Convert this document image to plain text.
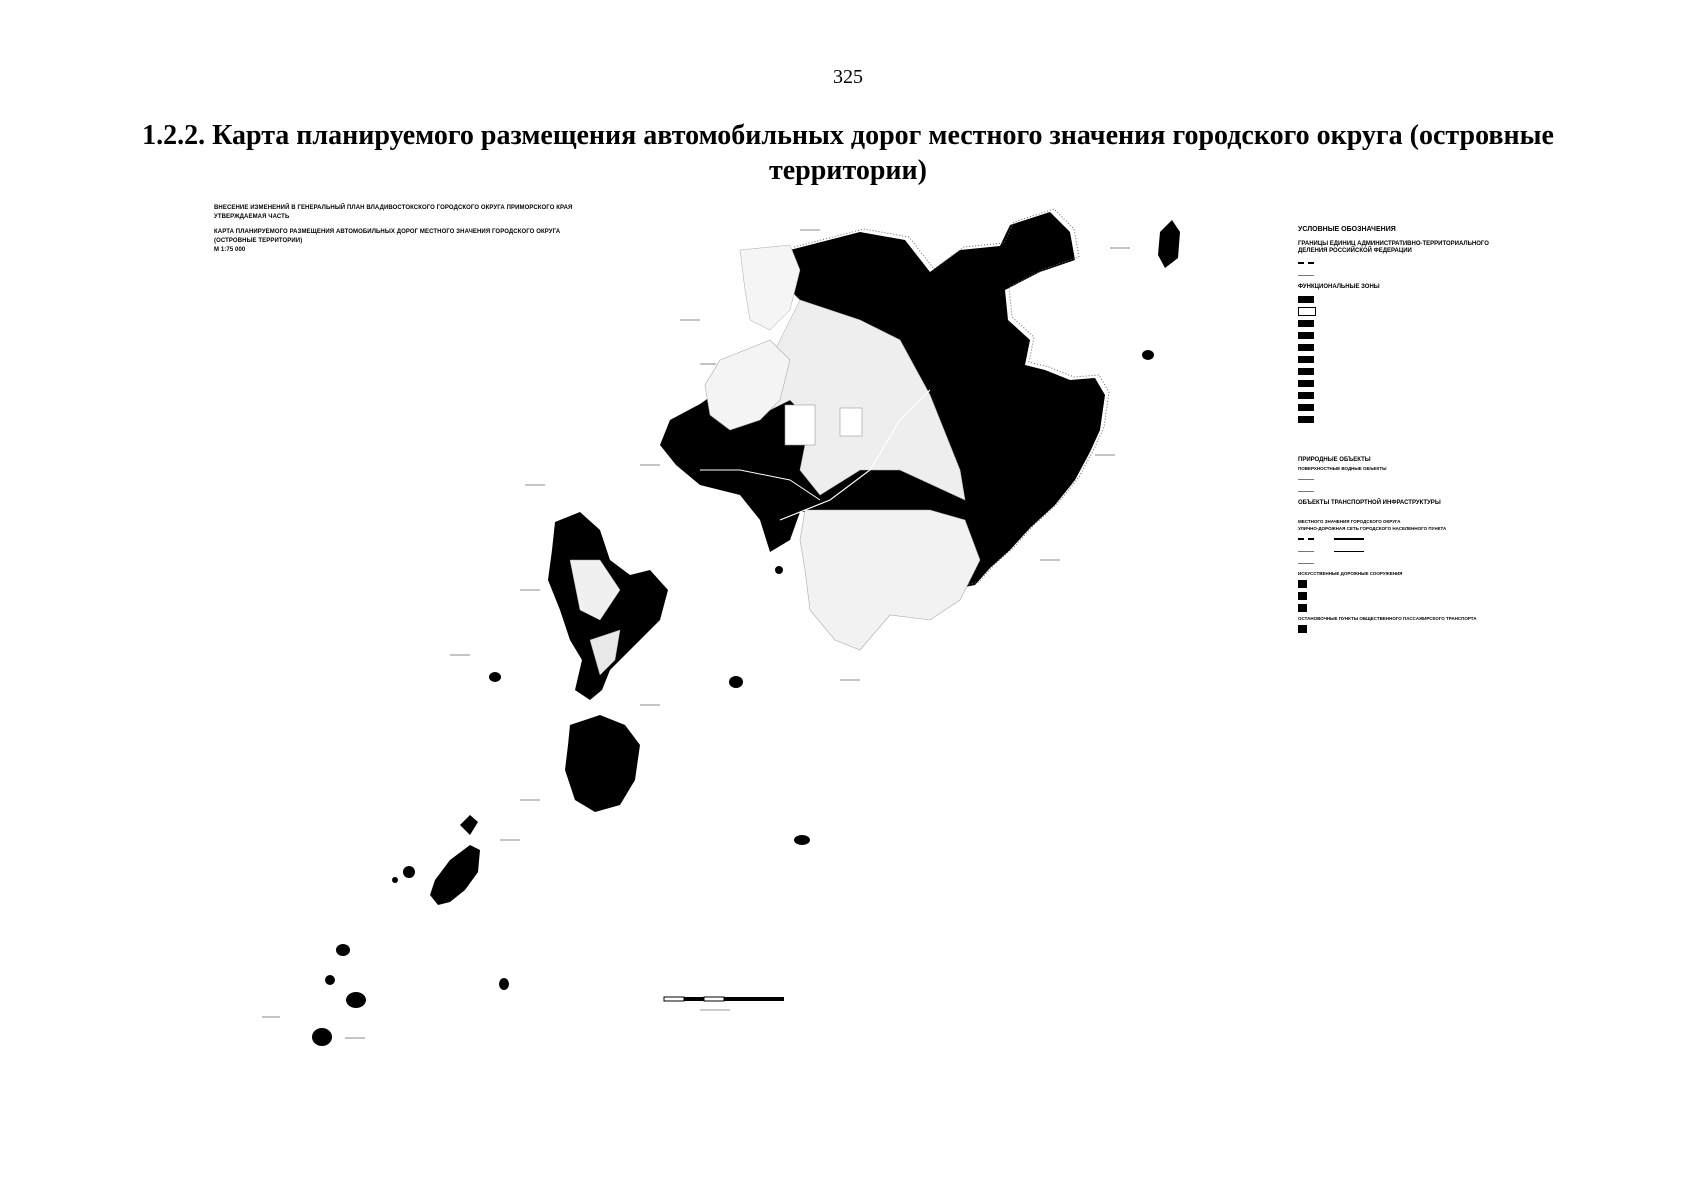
325
1.2.2. Карта планируемого размещения автомобильных дорог местного значения городского округа (островные территории)
ВНЕСЕНИЕ ИЗМЕНЕНИЙ В ГЕНЕРАЛЬНЫЙ ПЛАН ВЛАДИВОСТОКСКОГО ГОРОДСКОГО ОКРУГА ПРИМОРСКОГО КРАЯ
УТВЕРЖДАЕМАЯ ЧАСТЬ
КАРТА ПЛАНИРУЕМОГО РАЗМЕЩЕНИЯ АВТОМОБИЛЬНЫХ ДОРОГ МЕСТНОГО ЗНАЧЕНИЯ ГОРОДСКОГО ОКРУГА
(ОСТРОВНЫЕ ТЕРРИТОРИИ)
М 1:75 000
УСЛОВНЫЕ ОБОЗНАЧЕНИЯ
ГРАНИЦЫ ЕДИНИЦ АДМИНИСТРАТИВНО-ТЕРРИТОРИАЛЬНОГО ДЕЛЕНИЯ РОССИЙСКОЙ ФЕДЕРАЦИИ
ФУНКЦИОНАЛЬНЫЕ ЗОНЫ
ПРИРОДНЫЕ ОБЪЕКТЫ
ПОВЕРХНОСТНЫЕ ВОДНЫЕ ОБЪЕКТЫ
ОБЪЕКТЫ ТРАНСПОРТНОЙ ИНФРАСТРУКТУРЫ
МЕСТНОГО ЗНАЧЕНИЯ ГОРОДСКОГО ОКРУГА
УЛИЧНО-ДОРОЖНАЯ СЕТЬ ГОРОДСКОГО НАСЕЛЕННОГО ПУНКТА
ИСКУССТВЕННЫЕ ДОРОЖНЫЕ СООРУЖЕНИЯ
ОСТАНОВОЧНЫЕ ПУНКТЫ ОБЩЕСТВЕННОГО ПАССАЖИРСКОГО ТРАНСПОРТА
